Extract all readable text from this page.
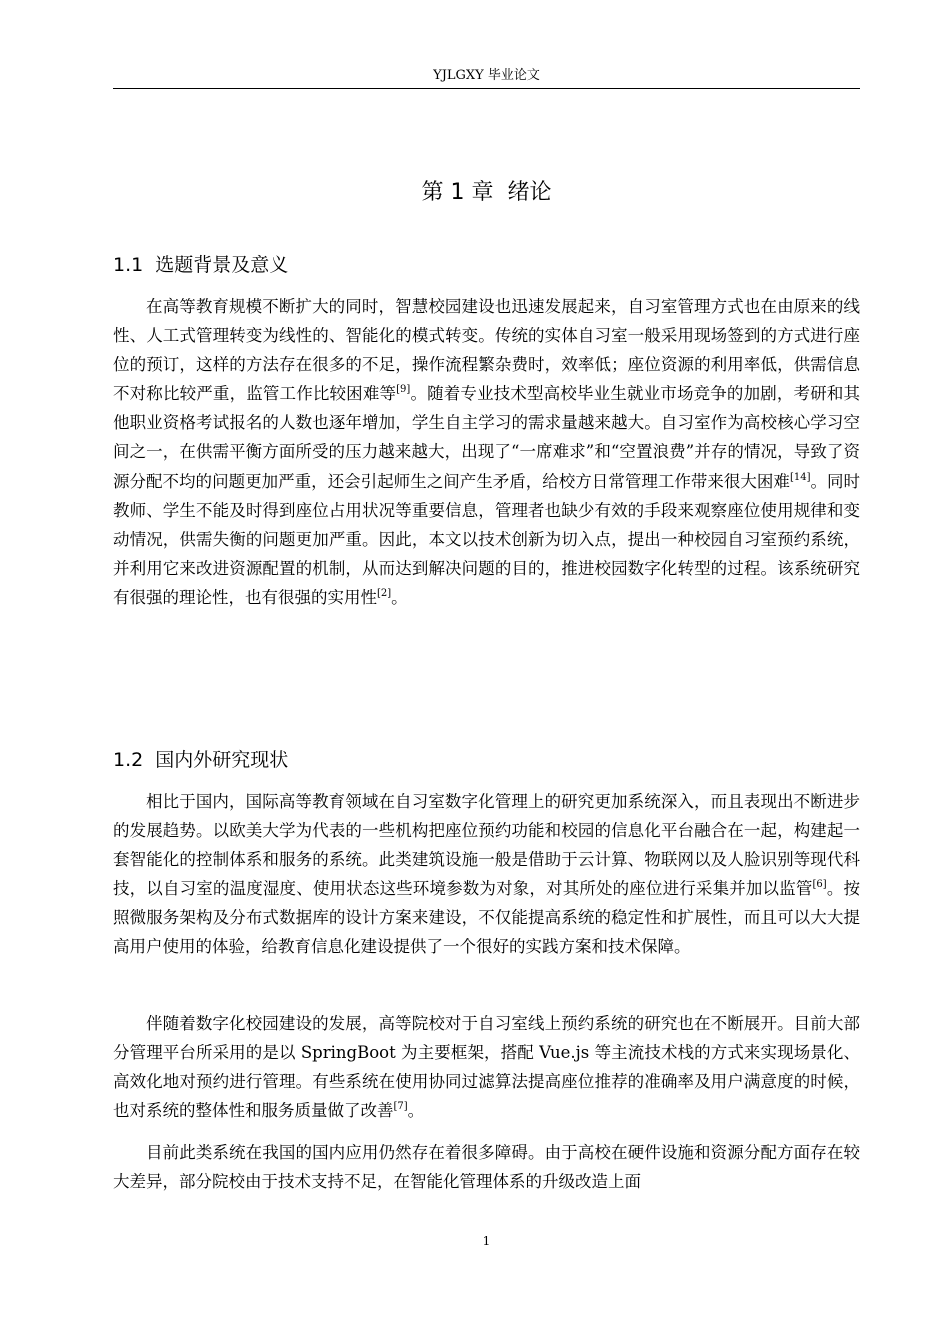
YJLGXY 毕业论文
第 1 章  绪论
1.1  选题背景及意义

在高等教育规模不断扩大的同时，智慧校园建设也迅速发展起来，自习室管理方式也在由原来的线性、人工式管理转变为线性的、智能化的模式转变。传统的实体自习室一般采用现场签到的方式进行座位的预订，这样的方法存在很多的不足，操作流程繁杂费时，效率低；座位资源的利用率低，供需信息不对称比较严重，监管工作比较困难等[9]。随着专业技术型高校毕业生就业市场竞争的加剧，考研和其他职业资格考试报名的人数也逐年增加，学生自主学习的需求量越来越大。自习室作为高校核心学习空间之一，在供需平衡方面所受的压力越来越大，出现了“一席难求”和“空置浪费”并存的情况，导致了资源分配不均的问题更加严重，还会引起师生之间产生矛盾，给校方日常管理工作带来很大困难[14]。同时教师、学生不能及时得到座位占用状况等重要信息，管理者也缺少有效的手段来观察座位使用规律和变动情况，供需失衡的问题更加严重。因此，本文以技术创新为切入点，提出一种校园自习室预约系统，并利用它来改进资源配置的机制，从而达到解决问题的目的，推进校园数字化转型的过程。该系统研究有很强的理论性，也有很强的实用性[2]。

1.2  国内外研究现状

相比于国内，国际高等教育领域在自习室数字化管理上的研究更加系统深入，而且表现出不断进步的发展趋势。以欧美大学为代表的一些机构把座位预约功能和校园的信息化平台融合在一起，构建起一套智能化的控制体系和服务的系统。此类建筑设施一般是借助于云计算、物联网以及人脸识别等现代科技，以自习室的温度湿度、使用状态这些环境参数为对象，对其所处的座位进行采集并加以监管[6]。按照微服务架构及分布式数据库的设计方案来建设，不仅能提高系统的稳定性和扩展性，而且可以大大提高用户使用的体验，给教育信息化建设提供了一个很好的实践方案和技术保障。

伴随着数字化校园建设的发展，高等院校对于自习室线上预约系统的研究也在不断展开。目前大部分管理平台所采用的是以 SpringBoot 为主要框架，搭配 Vue.js 等主流技术栈的方式来实现场景化、高效化地对预约进行管理。有些系统在使用协同过滤算法提高座位推荐的准确率及用户满意度的时候，也对系统的整体性和服务质量做了改善[7]。

目前此类系统在我国的国内应用仍然存在着很多障碍。由于高校在硬件设施和资源分配方面存在较大差异，部分院校由于技术支持不足，在智能化管理体系的升级改造上面

1
